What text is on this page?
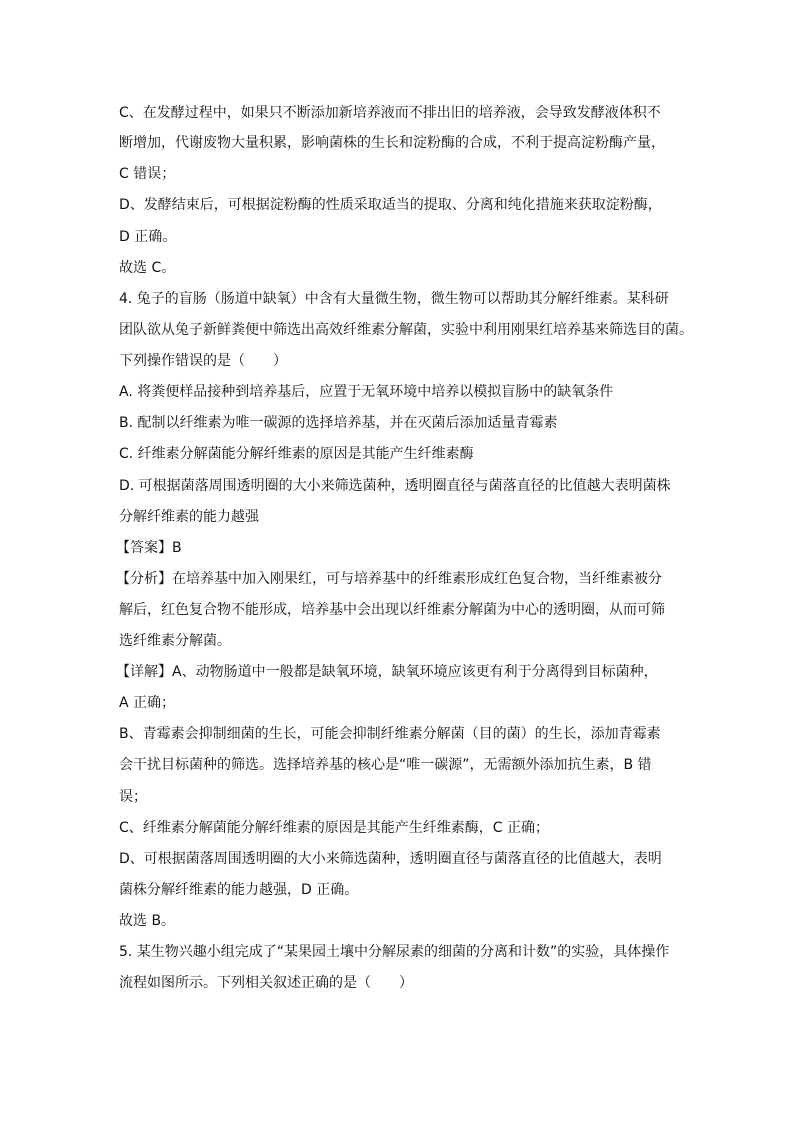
C、在发酵过程中，如果只不断添加新培养液而不排出旧的培养液，会导致发酵液体积不
断增加，代谢废物大量积累，影响菌株的生长和淀粉酶的合成，不利于提高淀粉酶产量，
C 错误；
D、发酵结束后，可根据淀粉酶的性质采取适当的提取、分离和纯化措施来获取淀粉酶，
D 正确。
故选 C。
4. 兔子的盲肠（肠道中缺氧）中含有大量微生物，微生物可以帮助其分解纤维素。某科研
团队欲从兔子新鲜粪便中筛选出高效纤维素分解菌，实验中利用刚果红培养基来筛选目的菌。
下列操作错误的是（　　）
A. 将粪便样品接种到培养基后，应置于无氧环境中培养以模拟盲肠中的缺氧条件
B. 配制以纤维素为唯一碳源的选择培养基，并在灭菌后添加适量青霉素
C. 纤维素分解菌能分解纤维素的原因是其能产生纤维素酶
D. 可根据菌落周围透明圈的大小来筛选菌种，透明圈直径与菌落直径的比值越大表明菌株
分解纤维素的能力越强
【答案】B
【分析】在培养基中加入刚果红，可与培养基中的纤维素形成红色复合物，当纤维素被分
解后，红色复合物不能形成，培养基中会出现以纤维素分解菌为中心的透明圈，从而可筛
选纤维素分解菌。
【详解】A、动物肠道中一般都是缺氧环境，缺氧环境应该更有利于分离得到目标菌种，
A 正确；
B、青霉素会抑制细菌的生长，可能会抑制纤维素分解菌（目的菌）的生长，添加青霉素
会干扰目标菌种的筛选。选择培养基的核心是“唯一碳源”，无需额外添加抗生素，B 错
误；
C、纤维素分解菌能分解纤维素的原因是其能产生纤维素酶，C 正确；
D、可根据菌落周围透明圈的大小来筛选菌种，透明圈直径与菌落直径的比值越大，表明
菌株分解纤维素的能力越强，D 正确。
故选 B。
5. 某生物兴趣小组完成了“某果园土壤中分解尿素的细菌的分离和计数”的实验，具体操作
流程如图所示。下列相关叙述正确的是（　　）
